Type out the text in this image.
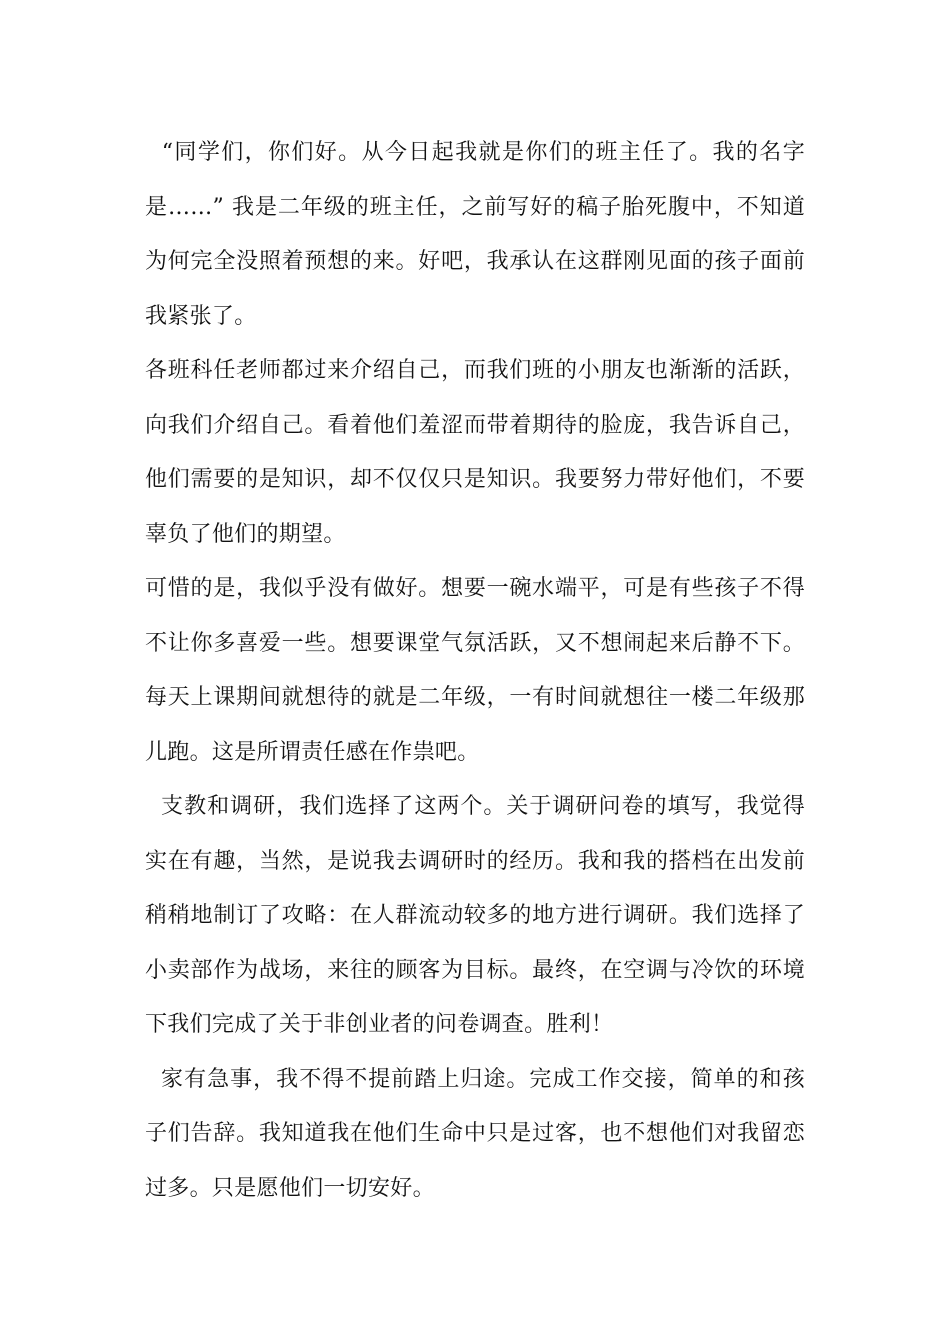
“同学们，你们好。从今日起我就是你们的班主任了。我的名字是……” 我是二年级的班主任，之前写好的稿子胎死腹中，不知道为何完全没照着预想的来。好吧，我承认在这群刚见面的孩子面前我紧张了。

各班科任老师都过来介绍自己，而我们班的小朋友也渐渐的活跃，向我们介绍自己。看着他们羞涩而带着期待的脸庞，我告诉自己，他们需要的是知识，却不仅仅只是知识。我要努力带好他们，不要辜负了他们的期望。

可惜的是，我似乎没有做好。想要一碗水端平，可是有些孩子不得不让你多喜爱一些。想要课堂气氛活跃，又不想闹起来后静不下。每天上课期间就想待的就是二年级，一有时间就想往一楼二年级那儿跑。这是所谓责任感在作祟吧。

支教和调研，我们选择了这两个。关于调研问卷的填写，我觉得实在有趣，当然，是说我去调研时的经历。我和我的搭档在出发前稍稍地制订了攻略：在人群流动较多的地方进行调研。我们选择了小卖部作为战场，来往的顾客为目标。最终，在空调与冷饮的环境下我们完成了关于非创业者的问卷调查。胜利！

家有急事，我不得不提前踏上归途。完成工作交接，简单的和孩子们告辞。我知道我在他们生命中只是过客，也不想他们对我留恋过多。只是愿他们一切安好。
